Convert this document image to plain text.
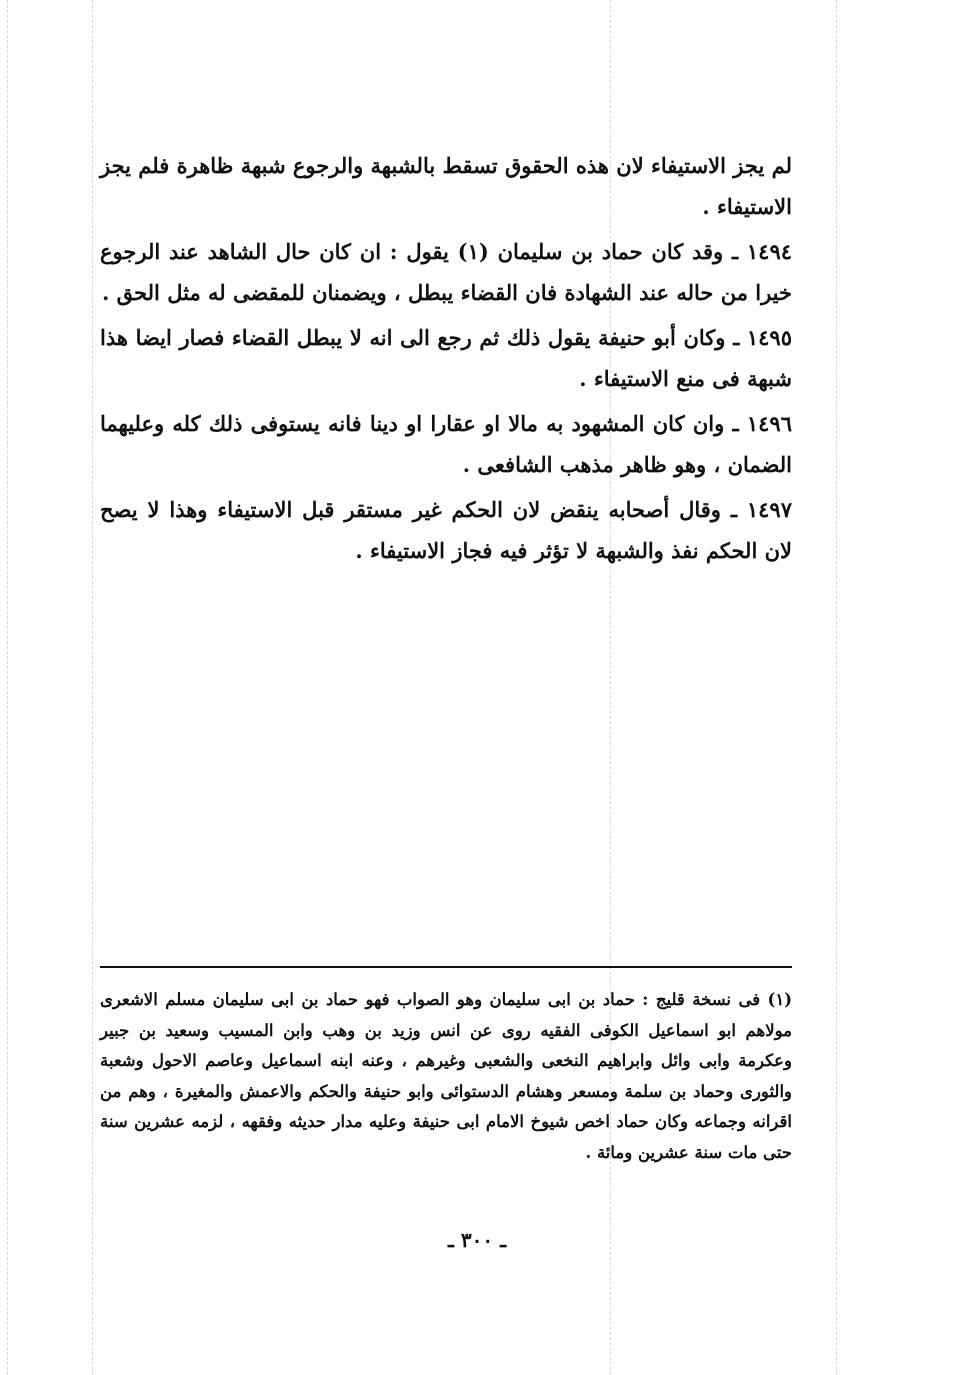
لم يجز الاستيفاء لان هذه الحقوق تسقط بالشبهة والرجوع شبهة ظاهرة فلم يجز الاستيفاء .

١٤٩٤ ـ وقد كان حماد بن سليمان (١) يقول : ان كان حال الشاهد عند الرجوع خيرا من حاله عند الشهادة فان القضاء يبطل ، ويضمنان للمقضى له مثل الحق .

١٤٩٥ ـ وكان أبو حنيفة يقول ذلك ثم رجع الى انه لا يبطل القضاء فصار ايضا هذا شبهة فى منع الاستيفاء .

١٤٩٦ ـ وان كان المشهود به مالا او عقارا او دينا فانه يستوفى ذلك كله وعليهما الضمان ، وهو ظاهر مذهب الشافعى .

١٤٩٧ ـ وقال أصحابه ينقض لان الحكم غير مستقر قبل الاستيفاء وهذا لا يصح لان الحكم نفذ والشبهة لا تؤثر فيه فجاز الاستيفاء .

(١) فى نسخة قليج : حماد بن ابى سليمان وهو الصواب فهو حماد بن ابى سليمان مسلم الاشعرى مولاهم ابو اسماعيل الكوفى الفقيه روى عن انس وزيد بن وهب وابن المسيب وسعيد بن جبير وعكرمة وابى وائل وابراهيم النخعى والشعبى وغيرهم ، وعنه ابنه اسماعيل وعاصم الاحول وشعبة والثورى وحماد بن سلمة ومسعر وهشام الدستوائى وابو حنيفة والحكم والاعمش والمغيرة ، وهم من اقرانه وجماعه وكان حماد اخص شيوخ الامام ابى حنيفة وعليه مدار حديثه وفقهه ، لزمه عشرين سنة حتى مات سنة عشرين ومائة .

ـ ٣٠٠ ـ
